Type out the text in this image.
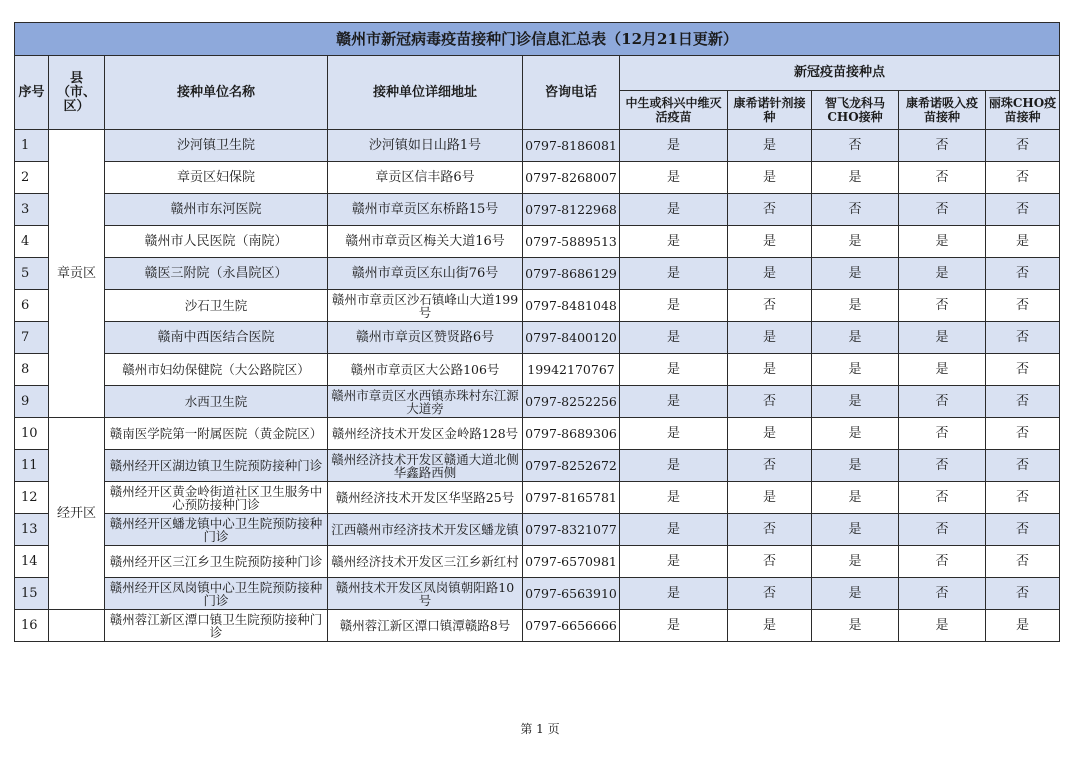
赣州市新冠病毒疫苗接种门诊信息汇总表（12月21日更新）									
序号	县（市、区）	接种单位名称	接种单位详细地址	咨询电话	新冠疫苗接种点				
					中生或科兴中维灭活疫苗	康希诺针剂接种	智飞龙科马CHO接种	康希诺吸入疫苗接种	丽珠CHO疫苗接种
1	章贡区	沙河镇卫生院	沙河镇如日山路1号	0797-8186081	是	是	否	否	否
2		章贡区妇保院	章贡区信丰路6号	0797-8268007	是	是	是	否	否
3		赣州市东河医院	赣州市章贡区东桥路15号	0797-8122968	是	否	否	否	否
4		赣州市人民医院（南院）	赣州市章贡区梅关大道16号	0797-5889513	是	是	是	是	是
5		赣医三附院（永昌院区）	赣州市章贡区东山街76号	0797-8686129	是	是	是	是	否
6		沙石卫生院	赣州市章贡区沙石镇峰山大道199号	0797-8481048	是	否	是	否	否
7		赣南中西医结合医院	赣州市章贡区赞贤路6号	0797-8400120	是	是	是	是	否
8		赣州市妇幼保健院（大公路院区）	赣州市章贡区大公路106号	19942170767	是	是	是	是	否
9		水西卫生院	赣州市章贡区水西镇赤珠村东江源大道旁	0797-8252256	是	否	是	否	否
10	经开区	赣南医学院第一附属医院（黄金院区）	赣州经济技术开发区金岭路128号	0797-8689306	是	是	是	否	否
11		赣州经开区湖边镇卫生院预防接种门诊	赣州经济技术开发区赣通大道北侧华鑫路西侧	0797-8252672	是	否	是	否	否
12		赣州经开区黄金岭街道社区卫生服务中心预防接种门诊	赣州经济技术开发区华坚路25号	0797-8165781	是	是	是	否	否
13		赣州经开区蟠龙镇中心卫生院预防接种门诊	江西赣州市经济技术开发区蟠龙镇	0797-8321077	是	否	是	否	否
14		赣州经开区三江乡卫生院预防接种门诊	赣州经济技术开发区三江乡新红村	0797-6570981	是	否	是	否	否
15		赣州经开区凤岗镇中心卫生院预防接种门诊	赣州技术开发区凤岗镇朝阳路10号	0797-6563910	是	否	是	否	否
16		赣州蓉江新区潭口镇卫生院预防接种门诊	赣州蓉江新区潭口镇潭赣路8号	0797-6656666	是	是	是	是	是
第 1 页
